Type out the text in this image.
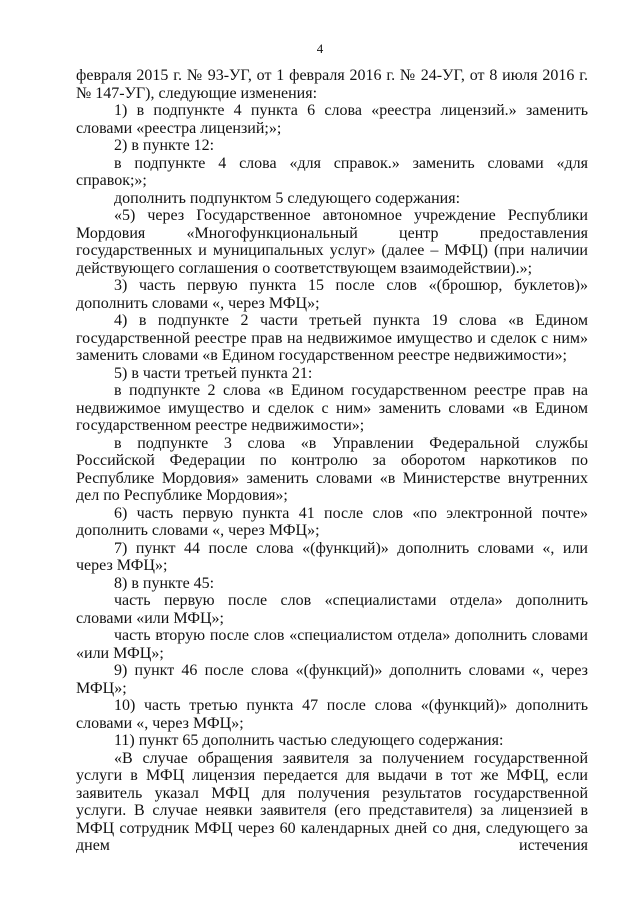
4

февраля 2015 г. № 93-УГ, от 1 февраля 2016 г. № 24-УГ, от 8 июля 2016 г. № 147-УГ), следующие изменения:

1) в подпункте 4 пункта 6 слова «реестра лицензий.» заменить словами «реестра лицензий;»;

2) в пункте 12:

в подпункте 4 слова «для справок.» заменить словами «для справок;»;

дополнить подпунктом 5 следующего содержания:

«5) через Государственное автономное учреждение Республики Мордовия «Многофункциональный центр предоставления государственных и муниципальных услуг» (далее – МФЦ) (при наличии действующего соглашения о соответствующем взаимодействии).»;

3) часть первую пункта 15 после слов «(брошюр, буклетов)» дополнить словами «, через МФЦ»;

4) в подпункте 2 части третьей пункта 19 слова «в Едином государственной реестре прав на недвижимое имущество и сделок с ним» заменить словами «в Едином государственном реестре недвижимости»;

5) в части третьей пункта 21:

в подпункте 2 слова «в Едином государственном реестре прав на недвижимое имущество и сделок с ним» заменить словами «в Едином государственном реестре недвижимости»;

в подпункте 3 слова «в Управлении Федеральной службы Российской Федерации по контролю за оборотом наркотиков по Республике Мордовия» заменить словами «в Министерстве внутренних дел по Республике Мордовия»;

6) часть первую пункта 41 после слов «по электронной почте» дополнить словами «, через МФЦ»;

7) пункт 44 после слова «(функций)» дополнить словами «, или через МФЦ»;

8) в пункте 45:

часть первую после слов «специалистами отдела» дополнить словами «или МФЦ»;

часть вторую после слов «специалистом отдела» дополнить словами «или МФЦ»;

9) пункт 46 после слова «(функций)» дополнить словами «, через МФЦ»;

10) часть третью пункта 47 после слова «(функций)» дополнить словами «, через МФЦ»;

11) пункт 65 дополнить частью следующего содержания:

«В случае обращения заявителя за получением государственной услуги в МФЦ лицензия передается для выдачи в тот же МФЦ, если заявитель указал МФЦ для получения результатов государственной услуги. В случае неявки заявителя (его представителя) за лицензией в МФЦ сотрудник МФЦ через 60 календарных дней со дня, следующего за днем истечения
